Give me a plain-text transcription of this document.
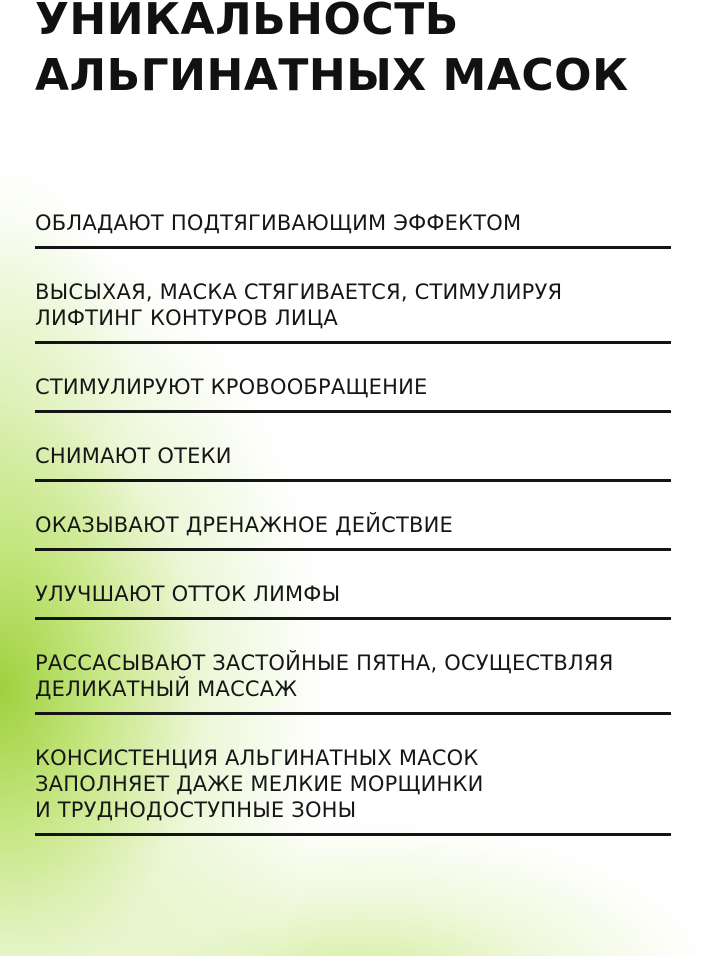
УНИКАЛЬНОСТЬ
АЛЬГИНАТНЫХ МАСОК
ОБЛАДАЮТ ПОДТЯГИВАЮЩИМ ЭФФЕКТОМ
ВЫСЫХАЯ, МАСКА СТЯГИВАЕТСЯ, СТИМУЛИРУЯ
ЛИФТИНГ КОНТУРОВ ЛИЦА
СТИМУЛИРУЮТ КРОВООБРАЩЕНИЕ
СНИМАЮТ ОТЕКИ
ОКАЗЫВАЮТ ДРЕНАЖНОЕ ДЕЙСТВИЕ
УЛУЧШАЮТ ОТТОК ЛИМФЫ
РАССАСЫВАЮТ ЗАСТОЙНЫЕ ПЯТНА, ОСУЩЕСТВЛЯЯ
ДЕЛИКАТНЫЙ МАССАЖ
КОНСИСТЕНЦИЯ АЛЬГИНАТНЫХ МАСОК
ЗАПОЛНЯЕТ ДАЖЕ МЕЛКИЕ МОРЩИНКИ
И ТРУДНОДОСТУПНЫЕ ЗОНЫ
